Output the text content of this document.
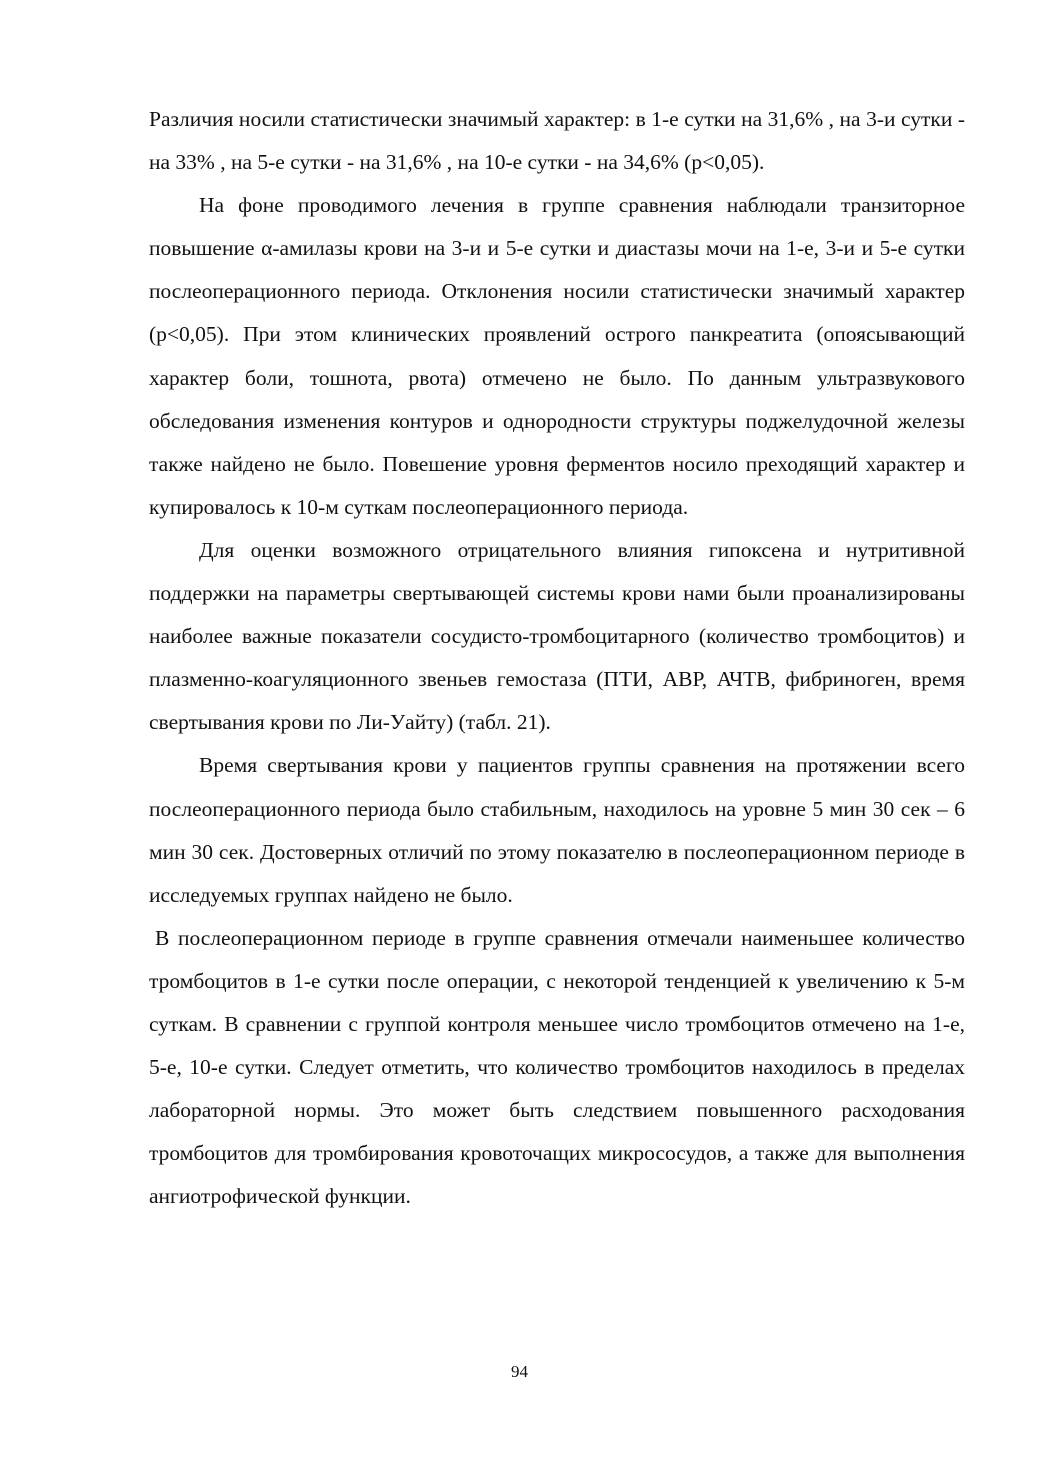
Различия носили статистически значимый характер: в 1-е сутки на 31,6% , на 3-и сутки - на 33% , на 5-е сутки - на 31,6% , на 10-е сутки - на 34,6% (р<0,05).

На фоне проводимого лечения в группе сравнения наблюдали транзиторное повышение α-амилазы крови на 3-и и 5-е сутки и диастазы мочи на 1-е, 3-и и 5-е сутки послеоперационного периода. Отклонения носили статистически значимый характер (р<0,05). При этом клинических проявлений острого панкреатита (опоясывающий характер боли, тошнота, рвота) отмечено не было. По данным ультразвукового обследования изменения контуров и однородности структуры поджелудочной железы также найдено не было. Повешение уровня ферментов носило преходящий характер и купировалось к 10-м суткам послеоперационного периода.

Для оценки возможного отрицательного влияния гипоксена и нутритивной поддержки на параметры свертывающей системы крови нами были проанализированы наиболее важные показатели сосудисто-тромбоцитарного (количество тромбоцитов) и плазменно-коагуляционного звеньев гемостаза (ПТИ, АВР, АЧТВ, фибриноген, время свертывания крови по Ли-Уайту) (табл. 21).

Время свертывания крови у пациентов группы сравнения на протяжении всего послеоперационного периода было стабильным, находилось на уровне 5 мин 30 сек – 6 мин 30 сек. Достоверных отличий по этому показателю в послеоперационном периоде в исследуемых группах найдено не было.

В послеоперационном периоде в группе сравнения отмечали наименьшее количество тромбоцитов в 1-е сутки после операции, с некоторой тенденцией к увеличению к 5-м суткам. В сравнении с группой контроля меньшее число тромбоцитов отмечено на 1-е, 5-е, 10-е сутки. Следует отметить, что количество тромбоцитов находилось в пределах лабораторной нормы. Это может быть следствием повышенного расходования тромбоцитов для тромбирования кровоточащих микрососудов, а также для выполнения ангиотрофической функции.

94
